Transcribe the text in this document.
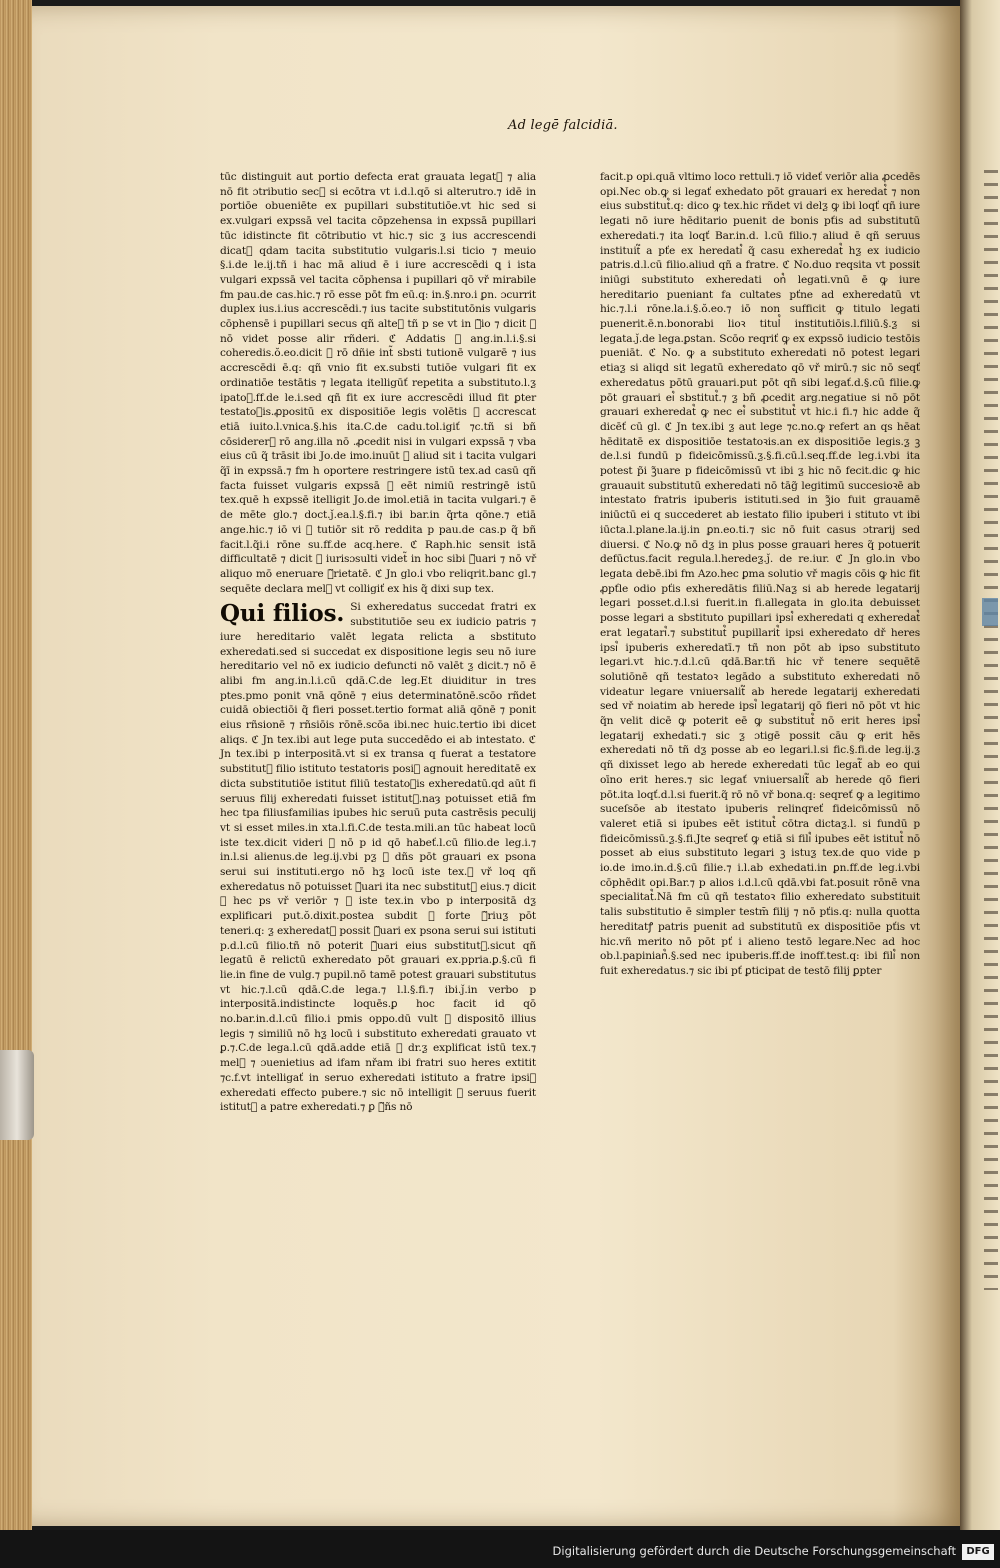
Ad legē falcidiā.

tūc distinguit aut portio defecta erat grauata legat᷑ ⁊ alia nō fit ɔtributio sec᷒ si ecōtra vt i.d.l.qō si alterutro.⁊ idē in portiōe obueniēte ex pupillari substitutiōe.vt hic sed si ex.vulgari expssā vel tacita cōpzehensa in expssā pupillari tūc idistincte fit cōtributio vt hic.⁊ sic ƺ ius accrescendi dicat᷑ qdam tacita substitutio vulgaris.l.si ticio ⁊ meuio §.i.de le.ij.tñ i hac mā aliud ē i iure accrescēdi ꝗ i ista vulgari expssā vel tacita cōphensa i pupillari qō vř mirabile fm pau.de cas.hic.⁊ rō esse pōt fm eū.q: in.§.nro.i ꝑn. ɔcurrit duplex ius.i.ius accrescēdi.⁊ ius tacite substitutōnis vulgaris cōphensē i pupillari secus qñ alteꝝ tñ p se vt in ꝫ̃io ⁊ dicit ꝙ nō videt posse alir rñderi. ℭ Addatis ꝙ ang.in.l.i.§.si coheredis.ŏ.eo.dicit ꝙ rō dñie int̃ sbsti tutionē vulgarē ⁊ ius accrescēdi ē.q: qñ vnio fit ex.substi tutiōe vulgari fit ex ordinatiōe testātis ⁊ legata itelligūť repetita a substituto.l.ƺ ipatoꝛ.ff.de le.i.sed qñ fit ex iure accrescēdi illud fit ꝑter testatoꝛis.ꝓpositū ex dispositiōe legis volētis ꝙ accrescat etiā iuito.l.vnica.§.his ita.C.de cadu.tol.igiť ⁊c.tñ si bñ cōsiderer᷑ rō ang.illa nō .ꝓcedit nisi in vulgari expssā ⁊ vba eius cū q̃ trāsit ibi Jo.de imo.inuūt ꝙ aliud sit i tacita vulgari q̃ī in expssā.⁊ fm h oportere restringere istū tex.ad casū qñ facta fuisset vulgaris expssā ꝙ eēt nimiū restringē istū tex.quē h expssē itelligit Jo.de imol.etiā in tacita vulgari.⁊ ē de mēte glo.⁊ doct.ǰ.ea.l.§.fi.⁊ ibi bar.in q̃rta qōne.⁊ etiā ange.hic.⁊ iō vi ꝙ tutiōr sit rō reddita p pau.de cas.p q̃ bñ facit.l.q̃i.i rōne su.ff.de acq.here. ℭ Raph.hic sensit istā difficultatē ⁊ dicit ꝙ iurisɔsulti videt̃ in hoc sibi ꝫ̃uari ⁊ nō vř aliquo mō eneruare ꝫ̃rietatē. ℭ Jn glo.i vbo reliqrit.banc gl.⁊ sequēte declara melꝰ vt colligiť ex his q̃ dixi sup tex.

Qui filios. Si exheredatus succedat fratri ex substitutiōe seu ex iudicio patris ⁊ iure hereditario valēt legata relicta a sbstituto exheredati.sed si succedat ex dispositione legis seu nō iure hereditario vel nō ex iudicio defuncti nō valēt ƺ dicit.⁊ nō ē alibi fm ang.in.l.i.cū qdā.C.de leg.Et diuiditur in tres ptes.pmo ponit vnā qōnē ⁊ eius determinatōnē.scōo rñdet cuidā obiectiōi q̃ fieri posset.tertio format aliā qōnē ⁊ ponit eius rñsionē ⁊ rñsiōis rōnē.scōa ibi.nec huic.tertio ibi dicet aliqs. ℭ Jn tex.ibi aut lege puta succedēdo ei ab intestato. ℭ Jn tex.ibi p interpositā.vt si ex transa q fuerat a testatore substitut᷒ filio istituto testatoris posiꝙ agnouit hereditatē ex dicta substitutiōe istitut filiū testatoꝛis exheredatū.qd aūt fi seruus filij exheredati fuisset istitut᷒.naȝ potuisset etiā fm hec tpa filiusfamilias ipubes hic seruū puta castrēsis peculij vt si esset miles.in xta.l.fi.C.de testa.mili.an tūc habeat locū iste tex.dicit videri ꝙ nō p id qō habeť.l.cū filio.de leg.i.⁊ in.l.si alienus.de leg.ij.vbi pƺ ꝙ dñs pōt grauari ex psona serui sui instituti.ergo nō hƺ locū iste tex.ꝙ vř loq qñ exheredatus nō potuisset ꝫ̃uari ita nec substitut᷒ eius.⁊ dicit ꝙ hec ps vř veriōr ⁊ ꝙ iste tex.in vbo p interpositā dƺ explificari put.ŏ.dixit.postea subdit ꝙ forte ꝫ̃riuƺ pōt teneri.q: ƺ exheredat᷒ possit ꝫ̃uari ex psona serui sui istituti p.d.l.cū filio.tñ nō poterit ꝫ̃uari eius substitut᷒.sicut qñ legatū ē relictū exheredato pōt grauari ex.ppria.ꝑ.§.cū fi lie.in fine de vulg.⁊ pupil.nō tamē potest grauari substitutus vt hic.⁊.l.cū qdā.C.de lega.⁊ l.l.§.fi.⁊ ibi.ǰ.in verbo p interpositā.indistincte loquēs.ꝑ hoc facit id qō no.bar.in.d.l.cū filio.i pmis oppo.dū vult ꝙ dispositō illius legis ⁊ similiū nō hƺ locū i substituto exheredati grauato vt ꝑ.⁊.C.de lega.l.cū qdā.adde etiā ꝙ dr.ƺ explificat istū tex.⁊ melꝰ ⁊ ɔuenietius ad ifam nřam ibi fratri suo heres extitit ⁊c.f.vt intelligať in seruo exheredati istituto a fratre ipsi᷒ exheredati effecto pubere.⁊ sic nō intelligit ꝙ seruus fuerit istitut᷒ a patre exheredati.⁊ ꝑ ꝫ̃ñs nō

facit.p opi.quā vltimo loco rettuli.⁊ iō videť veriōr alia ꝓcedēs opi.Nec ob.ꝙ si legať exhedato pōt grauari ex heredat᷒ ⁊ non eius substitut᷒.q: dico ꝙ tex.hic rñdet vi delƺ ꝙ ibi loqť qñ iure legati nō iure hēditario puenit de bonis pťis ad substitutū exheredati.⁊ ita loqť Bar.in.d. l.cū filio.⁊ aliud ē qñ seruus instituit᷑ a pťe ex heredati᷒ q̃ casu exheredat᷒ hƺ ex iudicio patris.d.l.cū filio.aliud qñ a fratre. ℭ No.duo reqsita vt possit iniūgi substituto exheredati on᷒ legati.vnū ē ꝙ iure hereditario pueniant fa cultates pťne ad exheredatū vt hic.⁊.l.i rōne.la.i.§.ŏ.eo.⁊ iō non sufficit ꝙ titulo legati puenerit.ē.n.bonorabi lioꝛ titul᷒ institutiōis.l.filiū.§.ƺ si legata.ǰ.de lega.ꝑstan. Scōo reqriť ꝙ ex expssō iudicio testōis pueniāt. ℭ No. ꝙ a substituto exheredati nō potest legari etiaƺ si aliqd sit legatū exheredato qō vř mirū.⁊ sic nō seqť exheredatus pōtū grauari.put pōt qñ sibi legať.d.§.cū filie.ꝙ pōt grauari ei᷒ sbstitut᷒.⁊ ƺ bñ ꝓcedit arg.negatiue si nō pōt grauari exheredat᷒ ꝙ nec ei᷒ substitut᷒ vt hic.i fi.⁊ hic adde q̃ dicēť cū gl. ℭ Jn tex.ibi ƺ aut lege ⁊c.no.ꝙ refert an qs hēat hēditatē ex dispositiōe testatoꝛis.an ex dispositiōe legis.ƺ ꝫ de.l.si fundū p fideicōmissū.ƺ.§.fi.cū.l.seq.ff.de leg.i.vbi ita potest p̃i ꝫ̃uare p fideicōmissū vt ibi ƺ hic nō fecit.dic ꝙ hic grauauit substitutū exheredati nō tāg̃ legitimū succesioꝛē ab intestato fratris ipuberis istituti.sed in ꝫ̃io fuit grauamē iniūctū ei q succederet ab iestato filio ipuberi i stituto vt ibi iūcta.l.plane.la.ij.in ꝑn.eo.ti.⁊ sic nō fuit casus ɔtrarij sed diuersi. ℭ No.ꝙ nō dƺ in plus posse grauari heres q̃ potuerit defūctus.facit regula.l.heredeƺ.ǰ. de re.iur. ℭ Jn glo.in vbo legata debē.ibi fm Azo.hec ꝑma solutio vř magis cōis ꝙ hic fit ꝓpťle odio pťis exheredātis filiū.Naƺ si ab herede legatarij legari posset.d.l.si fuerit.in fi.allegata in glo.ita debuisset posse legari a sbstituto pupillari ipsi᷒ exheredati q exheredat᷒ erat legatari᷒.⁊ substitut᷒ pupillarit᷒ ipsi exheredato dř heres ipsi᷒ ipuberis exheredatī.⁊ tñ non pōt ab ipso substituto legari.vt hic.⁊.d.l.cū qdā.Bar.tñ hic vř tenere sequētē solutiōnē qñ testatoꝛ legādo a substituto exheredati nō videatur legare vniuersalit᷑ ab herede legatarij exheredati sed vř noiatim ab herede ipsi᷒ legatarij qō fieri nō pōt vt hic q̃n velit dicē ꝙ poterit eē ꝙ substitut᷒ nō erit heres ipsi᷒ legatarij exhedati.⁊ sic ƺ ɔtigē possit cāu ꝙ erit hēs exheredati nō tñ dƺ posse ab eo legari.l.si fic.§.fi.de leg.ij.ƺ qñ dixisset lego ab herede exheredati tūc legat᷑ ab eo qui oīno erit heres.⁊ sic legať vniuersalit᷑ ab herede qō fieri pōt.ita loqť.d.l.si fuerit.q̃ rō nō vř bona.q: seqreť ꝙ a legitimo suceſsōe ab itestato ipuberis relinqreť fideicōmissū nō valeret etiā si ipubes eēt istitut᷒ cōtra dictaƺ.l. si fundū p fideicōmissū.ƺ.§.fi.Jte seqreť ꝙ etiā si fili᷒ ipubes eēt istitut᷒ nō posset ab eius substituto legari ꝫ istuƺ tex.de quo vide p io.de imo.in.d.§.cū filie.⁊ i.l.ab exhedati.in ꝑn.ff.de leg.i.vbi cōphēdit opi.Bar.⁊ p alios i.d.l.cū qdā.vbi fat.posuit rōnē vna specialitat᷒.Nā fm cū qñ testatoꝛ filio exheredato substituit talis substitutio ē simpler testm̄ filij ⁊ nō pťis.q: nulla quotta hereditatꝭ patris puenit ad substitutū ex dispositiōe pťis vt hic.vñ merito nō pōt pť i alieno testō legare.Nec ad hoc ob.l.papinian᷒.§.sed nec ipuberis.ff.de inoff.test.q: ibi fili᷒ non fuit exheredatus.⁊ sic ibi pť ꝑticipat de testō filij ꝑpter

Digitalisierung gefördert durch die Deutsche Forschungsgemeinschaft	DFG
